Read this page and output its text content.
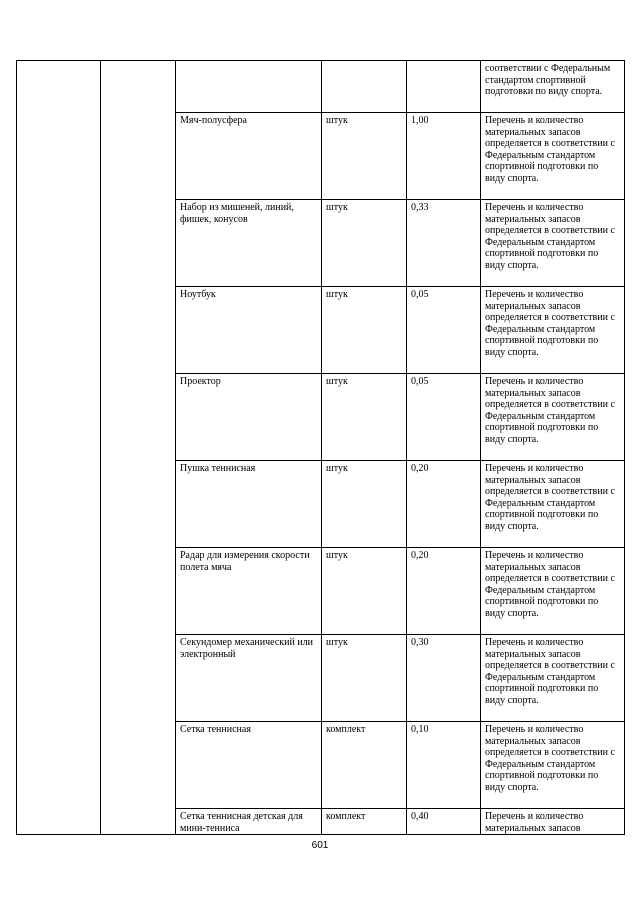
					соответствии с Федеральным стандартом спортивной подготовки по виду спорта.
		Мяч-полусфера	штук	1,00	Перечень и количество материальных запасов определяется в соответствии с Федеральным стандартом спортивной подготовки по виду спорта.
		Набор из мишеней, линий, фишек, конусов	штук	0,33	Перечень и количество материальных запасов определяется в соответствии с Федеральным стандартом спортивной подготовки по виду спорта.
		Ноутбук	штук	0,05	Перечень и количество материальных запасов определяется в соответствии с Федеральным стандартом спортивной подготовки по виду спорта.
		Проектор	штук	0,05	Перечень и количество материальных запасов определяется в соответствии с Федеральным стандартом спортивной подготовки по виду спорта.
		Пушка теннисная	штук	0,20	Перечень и количество материальных запасов определяется в соответствии с Федеральным стандартом спортивной подготовки по виду спорта.
		Радар для измерения скорости полета мяча	штук	0,20	Перечень и количество материальных запасов определяется в соответствии с Федеральным стандартом спортивной подготовки по виду спорта.
		Секундомер механический или электронный	штук	0,30	Перечень и количество материальных запасов определяется в соответствии с Федеральным стандартом спортивной подготовки по виду спорта.
		Сетка теннисная	комплект	0,10	Перечень и количество материальных запасов определяется в соответствии с Федеральным стандартом спортивной подготовки по виду спорта.
		Сетка теннисная детская для мини-тенниса	комплект	0,40	Перечень и количество материальных запасов
601
